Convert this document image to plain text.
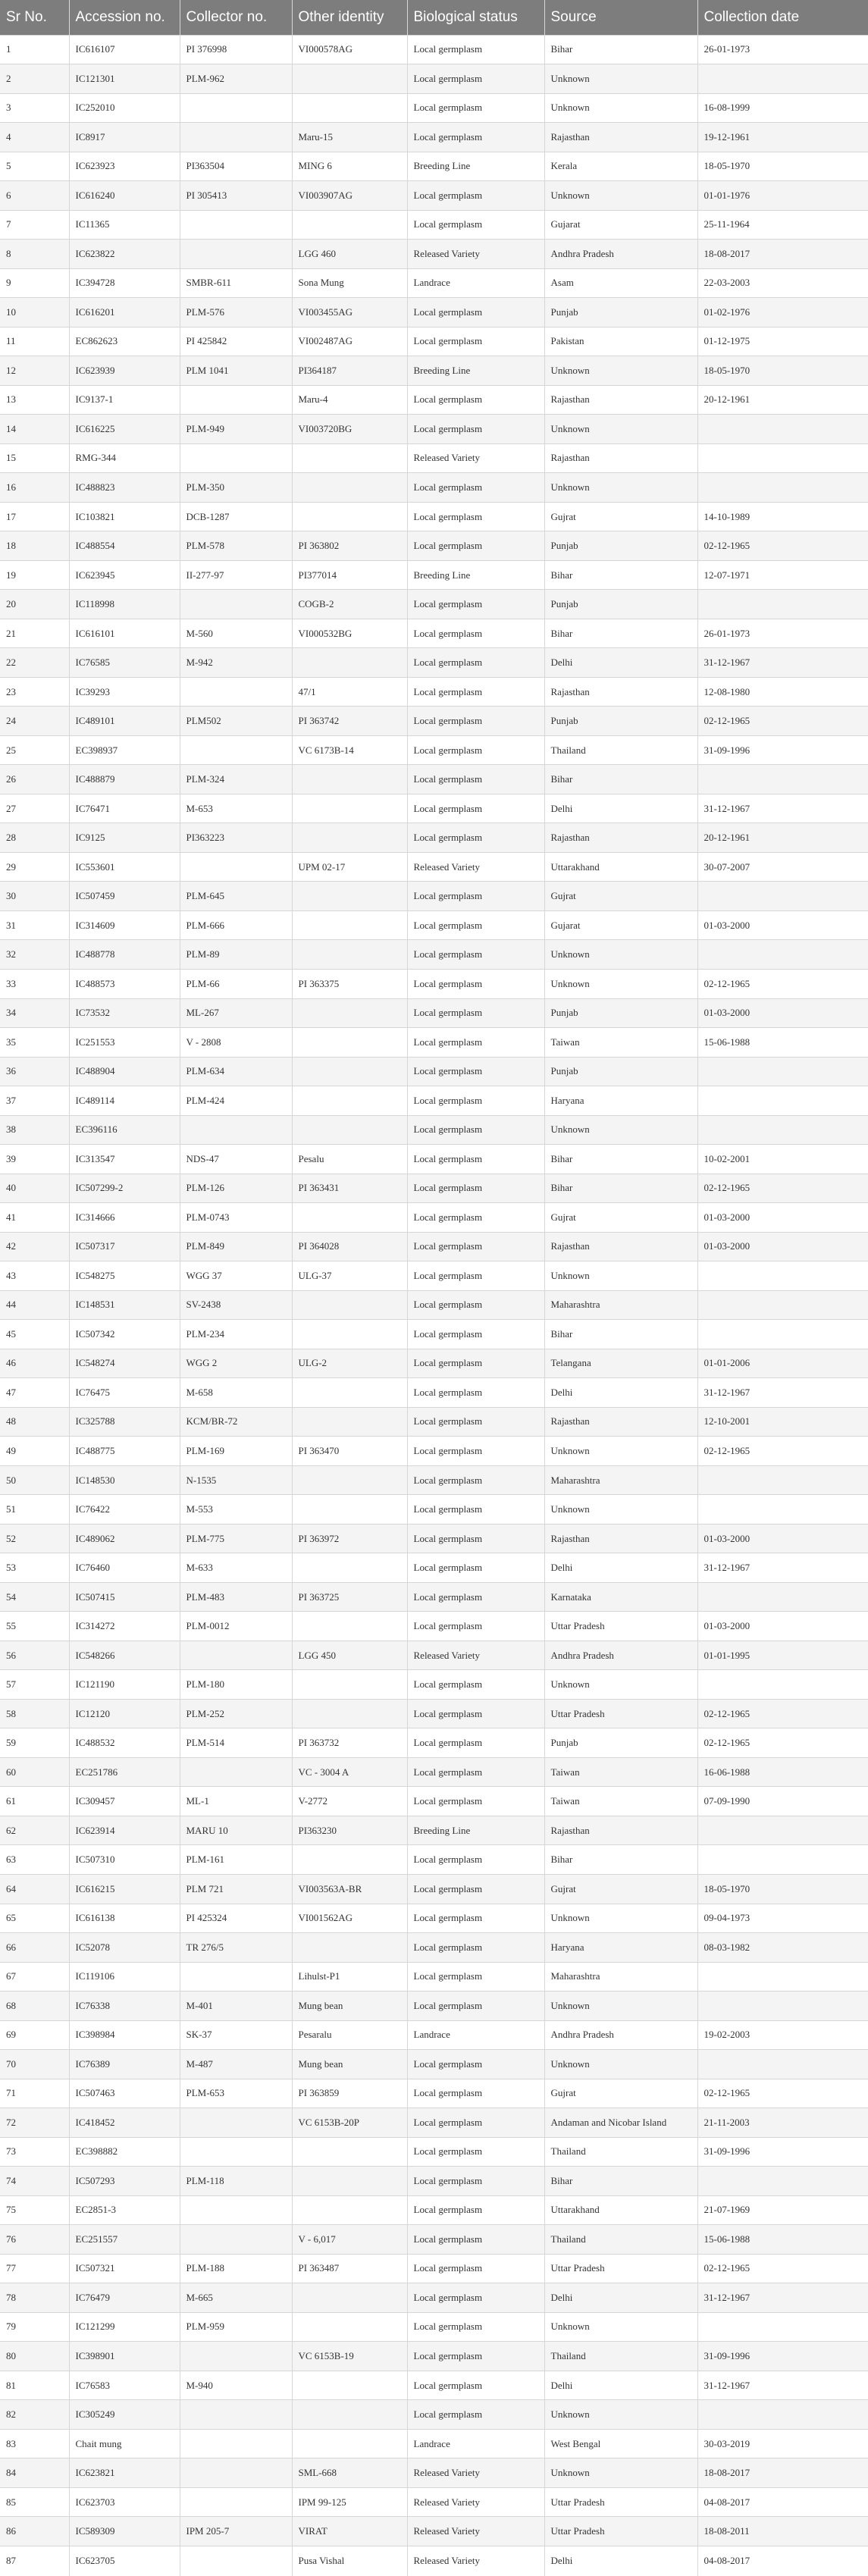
Sr No.	Accession no.	Collector no.	Other identity	Biological status	Source	Collection date
1	IC616107	PI 376998	VI000578AG	Local germplasm	Bihar	26-01-1973
2	IC121301	PLM-962		Local germplasm	Unknown	
3	IC252010			Local germplasm	Unknown	16-08-1999
4	IC8917		Maru-15	Local germplasm	Rajasthan	19-12-1961
5	IC623923	PI363504	MING 6	Breeding Line	Kerala	18-05-1970
6	IC616240	PI 305413	VI003907AG	Local germplasm	Unknown	01-01-1976
7	IC11365			Local germplasm	Gujarat	25-11-1964
8	IC623822		LGG 460	Released Variety	Andhra Pradesh	18-08-2017
9	IC394728	SMBR-611	Sona Mung	Landrace	Asam	22-03-2003
10	IC616201	PLM-576	VI003455AG	Local germplasm	Punjab	01-02-1976
11	EC862623	PI 425842	VI002487AG	Local germplasm	Pakistan	01-12-1975
12	IC623939	PLM 1041	PI364187	Breeding Line	Unknown	18-05-1970
13	IC9137-1		Maru-4	Local germplasm	Rajasthan	20-12-1961
14	IC616225	PLM-949	VI003720BG	Local germplasm	Unknown	
15	RMG-344			Released Variety	Rajasthan	
16	IC488823	PLM-350		Local germplasm	Unknown	
17	IC103821	DCB-1287		Local germplasm	Gujrat	14-10-1989
18	IC488554	PLM-578	PI 363802	Local germplasm	Punjab	02-12-1965
19	IC623945	II-277-97	PI377014	Breeding Line	Bihar	12-07-1971
20	IC118998		COGB-2	Local germplasm	Punjab	
21	IC616101	M-560	VI000532BG	Local germplasm	Bihar	26-01-1973
22	IC76585	M-942		Local germplasm	Delhi	31-12-1967
23	IC39293		47/1	Local germplasm	Rajasthan	12-08-1980
24	IC489101	PLM502	PI 363742	Local germplasm	Punjab	02-12-1965
25	EC398937		VC 6173B-14	Local germplasm	Thailand	31-09-1996
26	IC488879	PLM-324		Local germplasm	Bihar	
27	IC76471	M-653		Local germplasm	Delhi	31-12-1967
28	IC9125	PI363223		Local germplasm	Rajasthan	20-12-1961
29	IC553601		UPM 02-17	Released Variety	Uttarakhand	30-07-2007
30	IC507459	PLM-645		Local germplasm	Gujrat	
31	IC314609	PLM-666		Local germplasm	Gujarat	01-03-2000
32	IC488778	PLM-89		Local germplasm	Unknown	
33	IC488573	PLM-66	PI 363375	Local germplasm	Unknown	02-12-1965
34	IC73532	ML-267		Local germplasm	Punjab	01-03-2000
35	IC251553	V - 2808		Local germplasm	Taiwan	15-06-1988
36	IC488904	PLM-634		Local germplasm	Punjab	
37	IC489114	PLM-424		Local germplasm	Haryana	
38	EC396116			Local germplasm	Unknown	
39	IC313547	NDS-47	Pesalu	Local germplasm	Bihar	10-02-2001
40	IC507299-2	PLM-126	PI 363431	Local germplasm	Bihar	02-12-1965
41	IC314666	PLM-0743		Local germplasm	Gujrat	01-03-2000
42	IC507317	PLM-849	PI 364028	Local germplasm	Rajasthan	01-03-2000
43	IC548275	WGG 37	ULG-37	Local germplasm	Unknown	
44	IC148531	SV-2438		Local germplasm	Maharashtra	
45	IC507342	PLM-234		Local germplasm	Bihar	
46	IC548274	WGG 2	ULG-2	Local germplasm	Telangana	01-01-2006
47	IC76475	M-658		Local germplasm	Delhi	31-12-1967
48	IC325788	KCM/BR-72		Local germplasm	Rajasthan	12-10-2001
49	IC488775	PLM-169	PI 363470	Local germplasm	Unknown	02-12-1965
50	IC148530	N-1535		Local germplasm	Maharashtra	
51	IC76422	M-553		Local germplasm	Unknown	
52	IC489062	PLM-775	PI 363972	Local germplasm	Rajasthan	01-03-2000
53	IC76460	M-633		Local germplasm	Delhi	31-12-1967
54	IC507415	PLM-483	PI 363725	Local germplasm	Karnataka	
55	IC314272	PLM-0012		Local germplasm	Uttar Pradesh	01-03-2000
56	IC548266		LGG 450	Released Variety	Andhra Pradesh	01-01-1995
57	IC121190	PLM-180		Local germplasm	Unknown	
58	IC12120	PLM-252		Local germplasm	Uttar Pradesh	02-12-1965
59	IC488532	PLM-514	PI 363732	Local germplasm	Punjab	02-12-1965
60	EC251786		VC - 3004 A	Local germplasm	Taiwan	16-06-1988
61	IC309457	ML-1	V-2772	Local germplasm	Taiwan	07-09-1990
62	IC623914	MARU 10	PI363230	Breeding Line	Rajasthan	
63	IC507310	PLM-161		Local germplasm	Bihar	
64	IC616215	PLM 721	VI003563A-BR	Local germplasm	Gujrat	18-05-1970
65	IC616138	PI 425324	VI001562AG	Local germplasm	Unknown	09-04-1973
66	IC52078	TR 276/5		Local germplasm	Haryana	08-03-1982
67	IC119106		Lihulst-P1	Local germplasm	Maharashtra	
68	IC76338	M-401	Mung bean	Local germplasm	Unknown	
69	IC398984	SK-37	Pesaralu	Landrace	Andhra Pradesh	19-02-2003
70	IC76389	M-487	Mung bean	Local germplasm	Unknown	
71	IC507463	PLM-653	PI 363859	Local germplasm	Gujrat	02-12-1965
72	IC418452		VC 6153B-20P	Local germplasm	Andaman and Nicobar Island	21-11-2003
73	EC398882			Local germplasm	Thailand	31-09-1996
74	IC507293	PLM-118		Local germplasm	Bihar	
75	EC2851-3			Local germplasm	Uttarakhand	21-07-1969
76	EC251557		V - 6,017	Local germplasm	Thailand	15-06-1988
77	IC507321	PLM-188	PI 363487	Local germplasm	Uttar Pradesh	02-12-1965
78	IC76479	M-665		Local germplasm	Delhi	31-12-1967
79	IC121299	PLM-959		Local germplasm	Unknown	
80	IC398901		VC 6153B-19	Local germplasm	Thailand	31-09-1996
81	IC76583	M-940		Local germplasm	Delhi	31-12-1967
82	IC305249			Local germplasm	Unknown	
83	Chait mung			Landrace	West Bengal	30-03-2019
84	IC623821		SML-668	Released Variety	Unknown	18-08-2017
85	IC623703		IPM 99-125	Released Variety	Uttar Pradesh	04-08-2017
86	IC589309	IPM 205-7	VIRAT	Released Variety	Uttar Pradesh	18-08-2011
87	IC623705		Pusa Vishal	Released Variety	Delhi	04-08-2017
